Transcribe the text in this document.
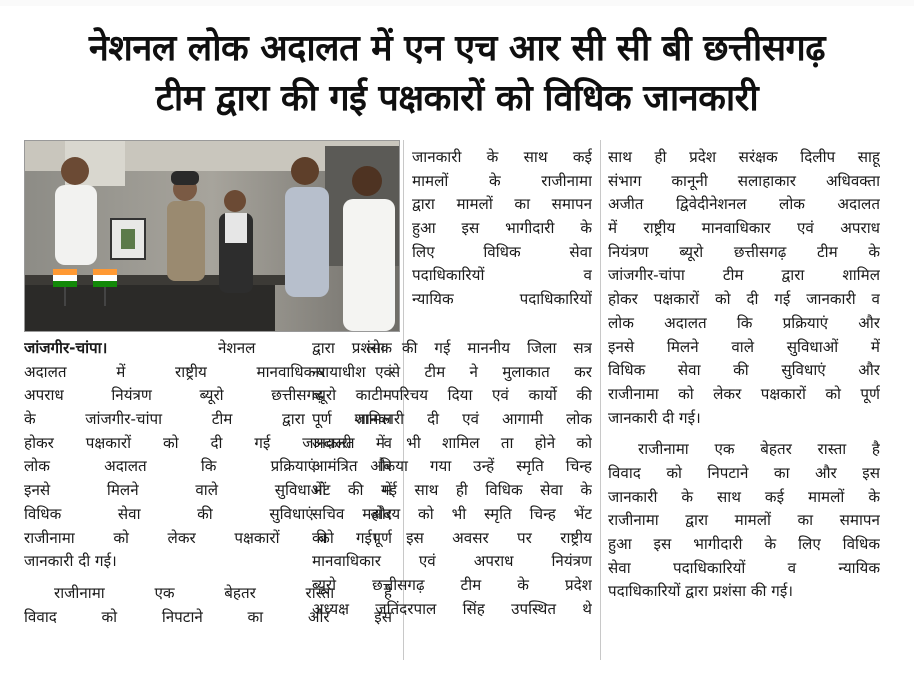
नेशनल लोक अदालत में एन एच आर सी सी बी छत्तीसगढ़
टीम द्वारा की गई पक्षकारों को विधिक जानकारी
जांजगीर-चांपा। नेशनल लोक
अदालत में राष्ट्रीय मानवाधिकार एवं
अपराध नियंत्रण ब्यूरो छत्तीसगढ़ टीम
के जांजगीर-चांपा टीम द्वारा शामिल
होकर पक्षकारों को दी गई जानकारी व
लोक अदालत कि प्रक्रियाएं और
इनसे मिलने वाले सुविधाओं में
विधिक सेवा की सुविधाएं और
राजीनामा को लेकर पक्षकारों को पूर्ण
जानकारी दी गई।
राजीनामा एक बेहतर रास्ता है
विवाद को निपटाने का और इस
जानकारी के साथ कई
मामलों के राजीनामा
द्वारा मामलों का समापन
हुआ इस भागीदारी के
लिए विधिक सेवा
पदाधिकारियों व
न्यायिक पदाधिकारियों
द्वारा प्रशंसा की गई माननीय जिला सत्र
न्यायाधीश से टीम ने मुलाकात कर
ब्यूरो का परिचय दिया एवं कार्यो की
पूर्ण जानकारी दी एवं आगामी लोक
अदालत में भी शामिल ता होने को
आमंत्रित किया गया उन्हें स्मृति चिन्ह
भेंट की गई साथ ही विधिक सेवा के
सचिव महोदय को भी स्मृति चिन्ह भेंट
की गई। इस अवसर पर राष्ट्रीय
मानवाधिकार एवं अपराध नियंत्रण
ब्यूरो छत्तीसगढ़ टीम के प्रदेश
अध्यक्ष जतिंदरपाल सिंह उपस्थित थे
साथ ही प्रदेश सरंक्षक दिलीप साहू
संभाग कानूनी सलाहाकार अधिवक्ता
अजीत द्विवेदीनेशनल लोक अदालत
में राष्ट्रीय मानवाधिकार एवं अपराध
नियंत्रण ब्यूरो छत्तीसगढ़ टीम के
जांजगीर-चांपा टीम द्वारा शामिल
होकर पक्षकारों को दी गई जानकारी व
लोक अदालत कि प्रक्रियाएं और
इनसे मिलने वाले सुविधाओं में
विधिक सेवा की सुविधाएं और
राजीनामा को लेकर पक्षकारों को पूर्ण
जानकारी दी गई।
राजीनामा एक बेहतर रास्ता है
विवाद को निपटाने का और इस
जानकारी के साथ कई मामलों के
राजीनामा द्वारा मामलों का समापन
हुआ इस भागीदारी के लिए विधिक
सेवा पदाधिकारियों व न्यायिक
पदाधिकारियों द्वारा प्रशंसा की गई।
